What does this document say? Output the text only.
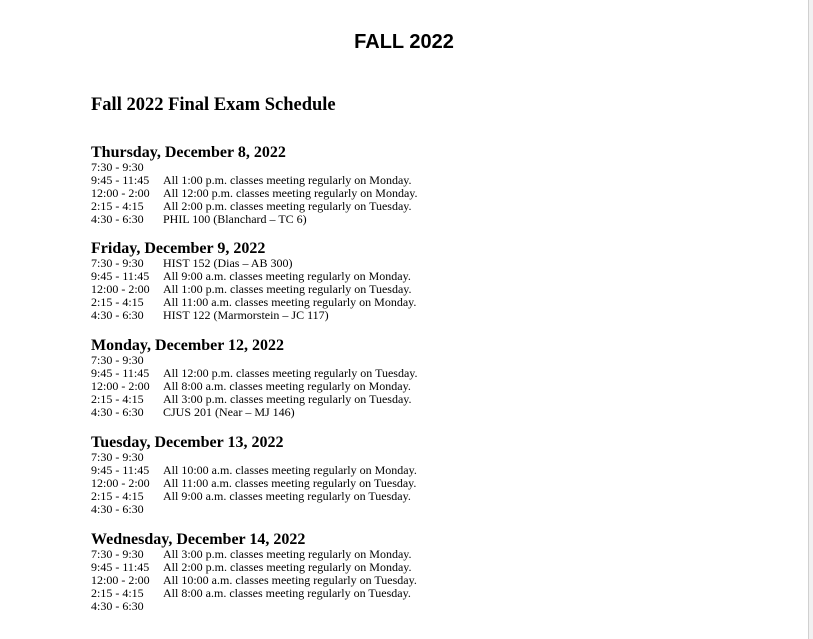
FALL 2022
Fall 2022 Final Exam Schedule
Thursday, December 8, 2022
7:30 - 9:30
9:45 - 11:45	All 1:00 p.m. classes meeting regularly on Monday.
12:00 - 2:00	All 12:00 p.m. classes meeting regularly on Monday.
2:15 - 4:15	All 2:00 p.m. classes meeting regularly on Tuesday.
4:30 - 6:30	PHIL 100 (Blanchard – TC 6)
Friday, December 9, 2022
7:30 - 9:30	HIST 152 (Dias – AB 300)
9:45 - 11:45	All 9:00 a.m. classes meeting regularly on Monday.
12:00 - 2:00	All 1:00 p.m. classes meeting regularly on Tuesday.
2:15 - 4:15	All 11:00 a.m. classes meeting regularly on Monday.
4:30 - 6:30	HIST 122 (Marmorstein – JC 117)
Monday, December 12, 2022
7:30 - 9:30
9:45 - 11:45	All 12:00 p.m. classes meeting regularly on Tuesday.
12:00 - 2:00	All 8:00 a.m. classes meeting regularly on Monday.
2:15 - 4:15	All 3:00 p.m. classes meeting regularly on Tuesday.
4:30 - 6:30	CJUS 201 (Near – MJ 146)
Tuesday, December 13, 2022
7:30 - 9:30
9:45 - 11:45	All 10:00 a.m. classes meeting regularly on Monday.
12:00 - 2:00	All 11:00 a.m. classes meeting regularly on Tuesday.
2:15 - 4:15	All 9:00 a.m. classes meeting regularly on Tuesday.
4:30 - 6:30
Wednesday, December 14, 2022
7:30 - 9:30	All 3:00 p.m. classes meeting regularly on Monday.
9:45 - 11:45	All 2:00 p.m. classes meeting regularly on Monday.
12:00 - 2:00	All 10:00 a.m. classes meeting regularly on Tuesday.
2:15 - 4:15	All 8:00 a.m. classes meeting regularly on Tuesday.
4:30 - 6:30
